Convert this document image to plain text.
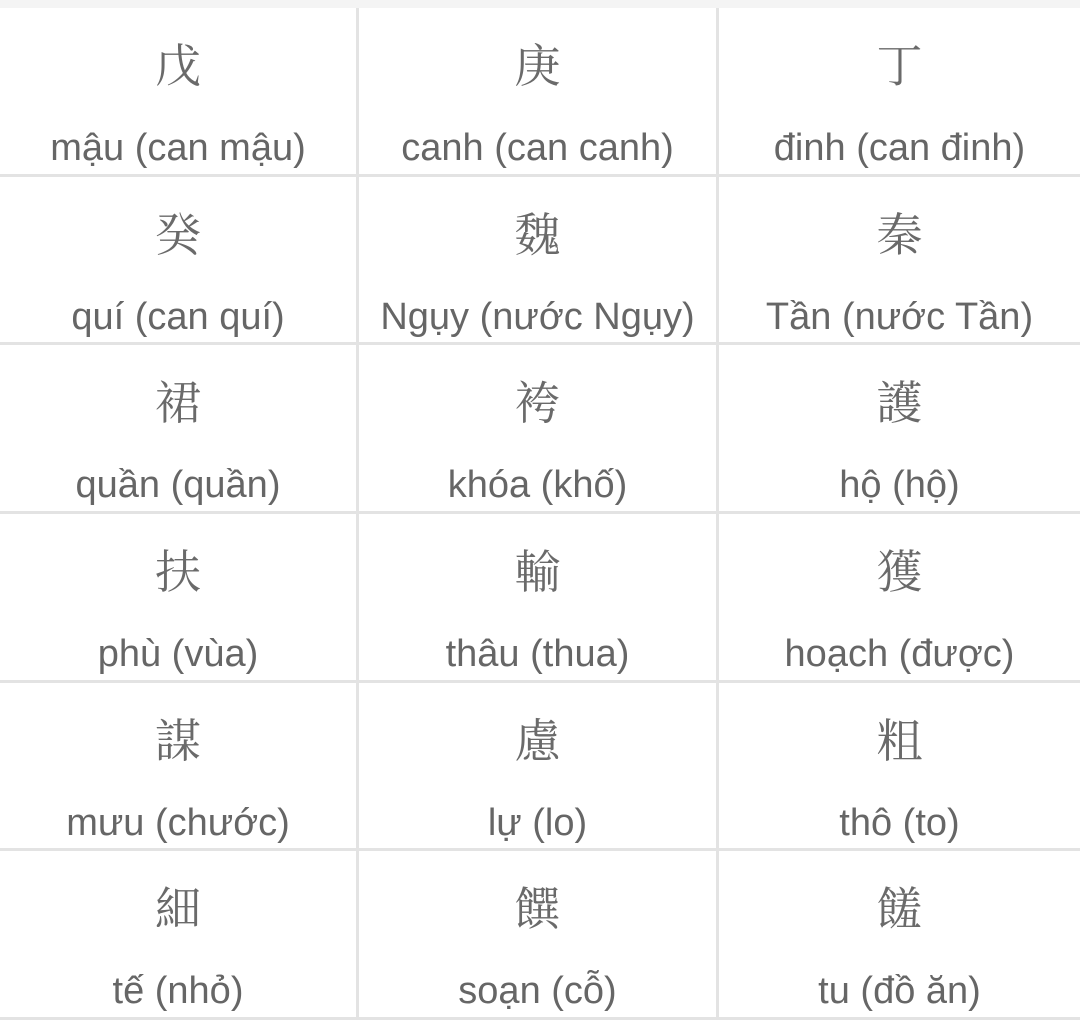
戊
mậu (can mậu)
庚
canh (can canh)
丁
đinh (can đinh)
癸
quí (can quí)
魏
Ngụy (nước Ngụy)
秦
Tần (nước Tần)
裙
quần (quần)
袴
khóa (khố)
護
hộ (hộ)
扶
phù (vùa)
輸
thâu (thua)
獲
hoạch (được)
謀
mưu (chước)
慮
lự (lo)
粗
thô (to)
細
tế (nhỏ)
饌
soạn (cỗ)
饈
tu (đồ ăn)
